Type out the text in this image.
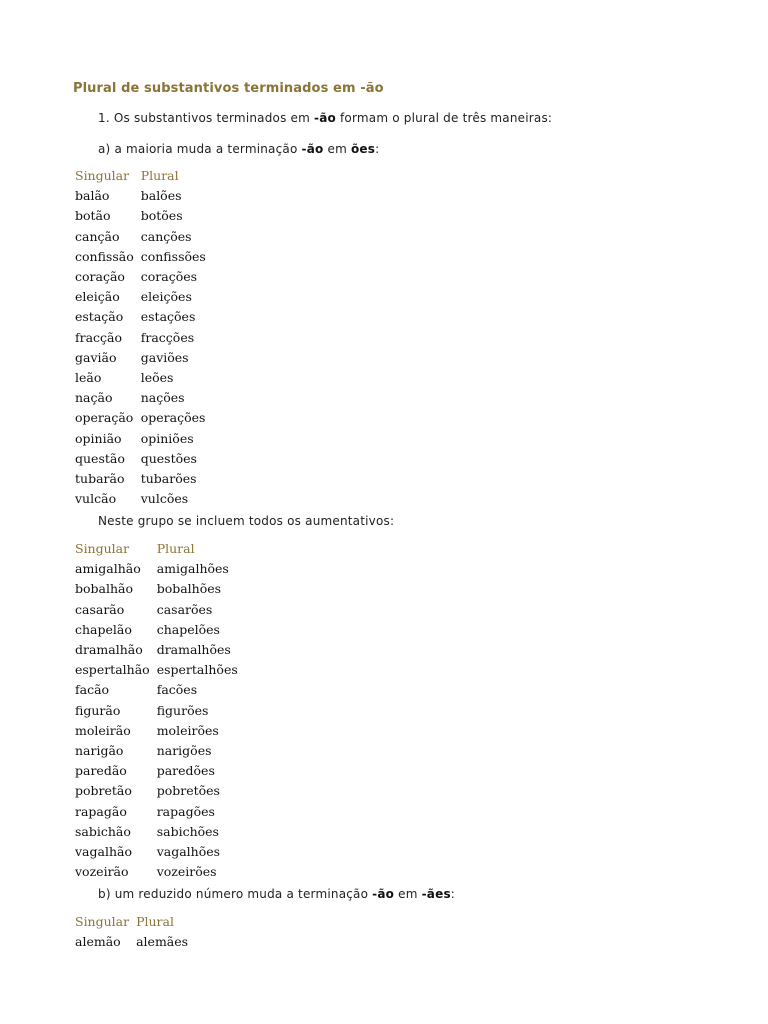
Plural de substantivos terminados em -ão
1. Os substantivos terminados em -ão formam o plural de três maneiras:
a) a maioria muda a terminação -ão em ões:
Singular	Plural
balão	balões
botão	botões
canção	canções
confissão	confissões
coração	corações
eleição	eleições
estação	estações
fracção	fracções
gavião	gaviões
leão	leões
nação	nações
operação	operações
opinião	opiniões
questão	questões
tubarão	tubarões
vulcão	vulcões
Neste grupo se incluem todos os aumentativos:
Singular	Plural
amigalhão	amigalhões
bobalhão	bobalhões
casarão	casarões
chapelão	chapelões
dramalhão	dramalhões
espertalhão	espertalhões
facão	facões
figurão	figurões
moleirão	moleirões
narigão	narigões
paredão	paredões
pobretão	pobretões
rapagão	rapagões
sabichão	sabichões
vagalhão	vagalhões
vozeirão	vozeirões
b) um reduzido número muda a terminação -ão em -ães:
Singular	Plural
alemão	alemães
